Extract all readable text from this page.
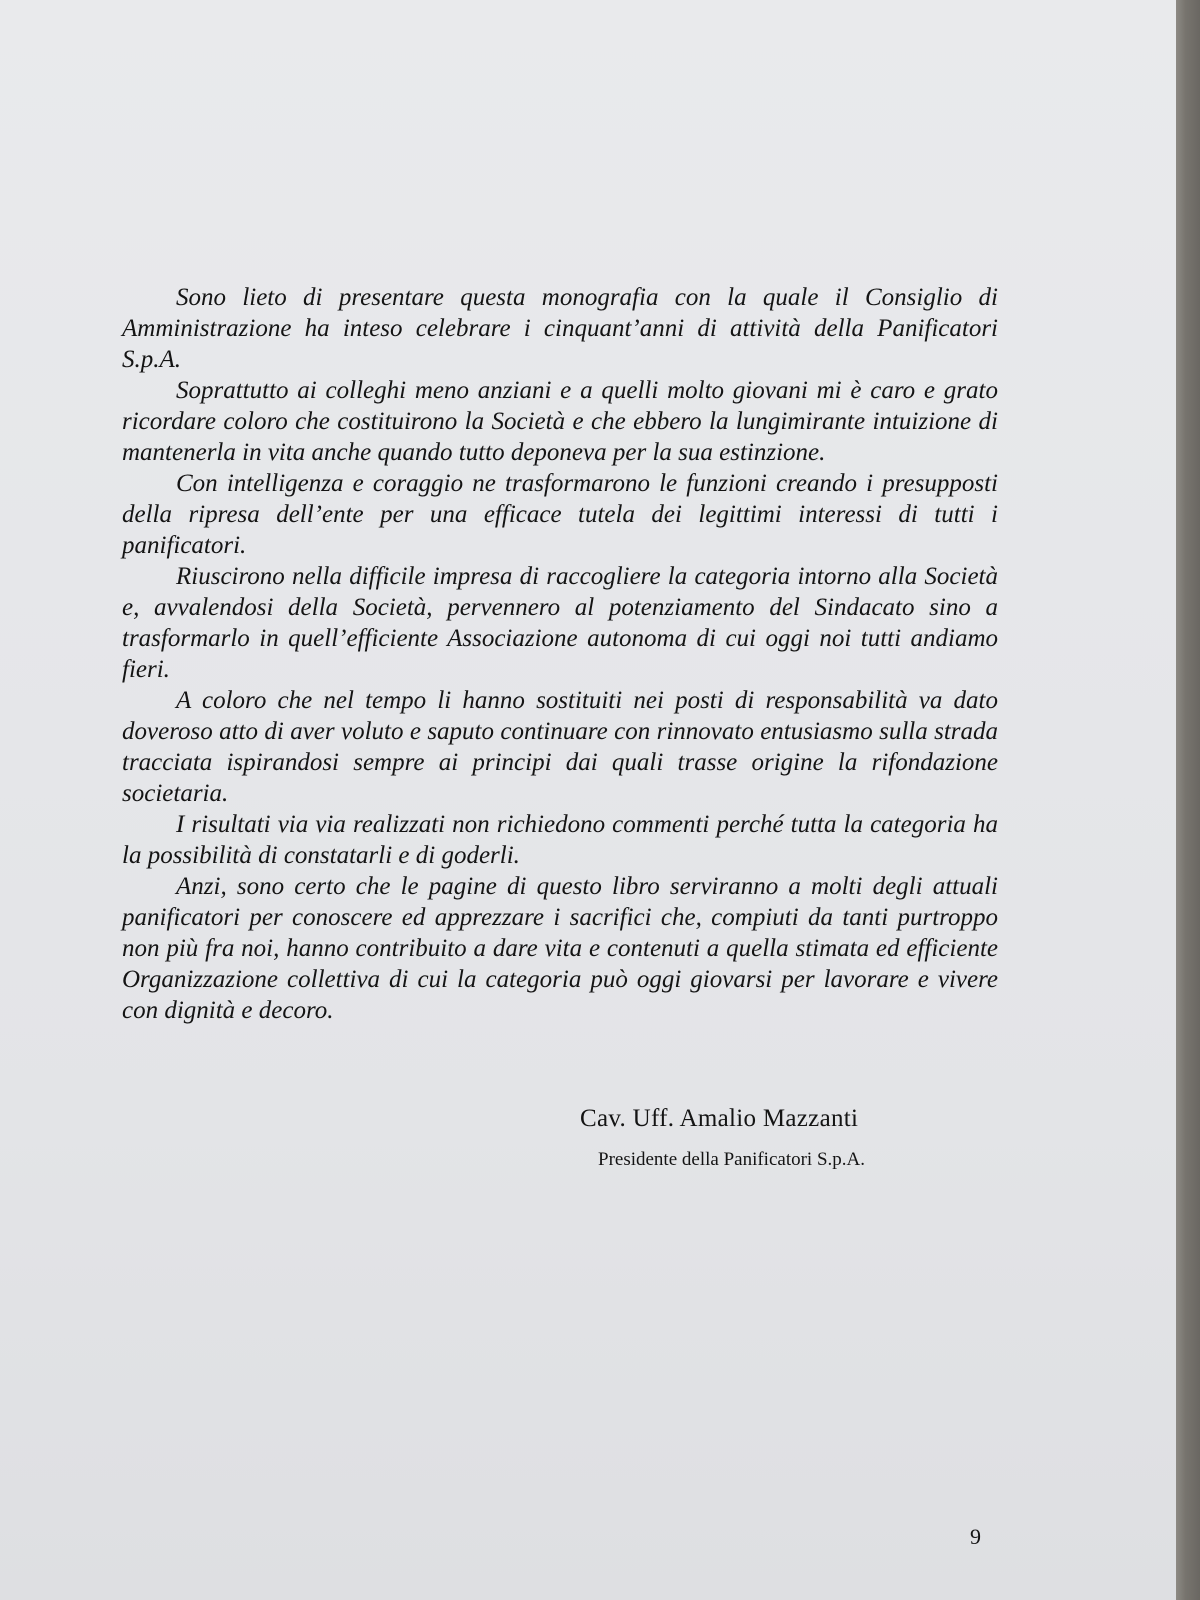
Sono lieto di presentare questa monografia con la quale il Consiglio di Amministrazione ha inteso celebrare i cinquant’anni di attività della Panificatori S.p.A.

Soprattutto ai colleghi meno anziani e a quelli molto giovani mi è caro e grato ricordare coloro che costituirono la Società e che ebbero la lungimirante intuizione di mantenerla in vita anche quando tutto deponeva per la sua estinzione.

Con intelligenza e coraggio ne trasformarono le funzioni creando i presupposti della ripresa dell’ente per una efficace tutela dei legittimi interessi di tutti i panificatori.

Riuscirono nella difficile impresa di raccogliere la categoria intorno alla Società e, avvalendosi della Società, pervennero al potenziamento del Sindacato sino a trasformarlo in quell’efficiente Associazione autonoma di cui oggi noi tutti andiamo fieri.

A coloro che nel tempo li hanno sostituiti nei posti di responsabilità va dato doveroso atto di aver voluto e saputo continuare con rinnovato entusiasmo sulla strada tracciata ispirandosi sempre ai principi dai quali trasse origine la rifondazione societaria.

I risultati via via realizzati non richiedono commenti perché tutta la categoria ha la possibilità di constatarli e di goderli.

Anzi, sono certo che le pagine di questo libro serviranno a molti degli attuali panificatori per conoscere ed apprezzare i sacrifici che, compiuti da tanti purtroppo non più fra noi, hanno contribuito a dare vita e contenuti a quella stimata ed efficiente Organizzazione collettiva di cui la categoria può oggi giovarsi per lavorare e vivere con dignità e decoro.

Cav. Uff. Amalio Mazzanti
Presidente della Panificatori S.p.A.
9
